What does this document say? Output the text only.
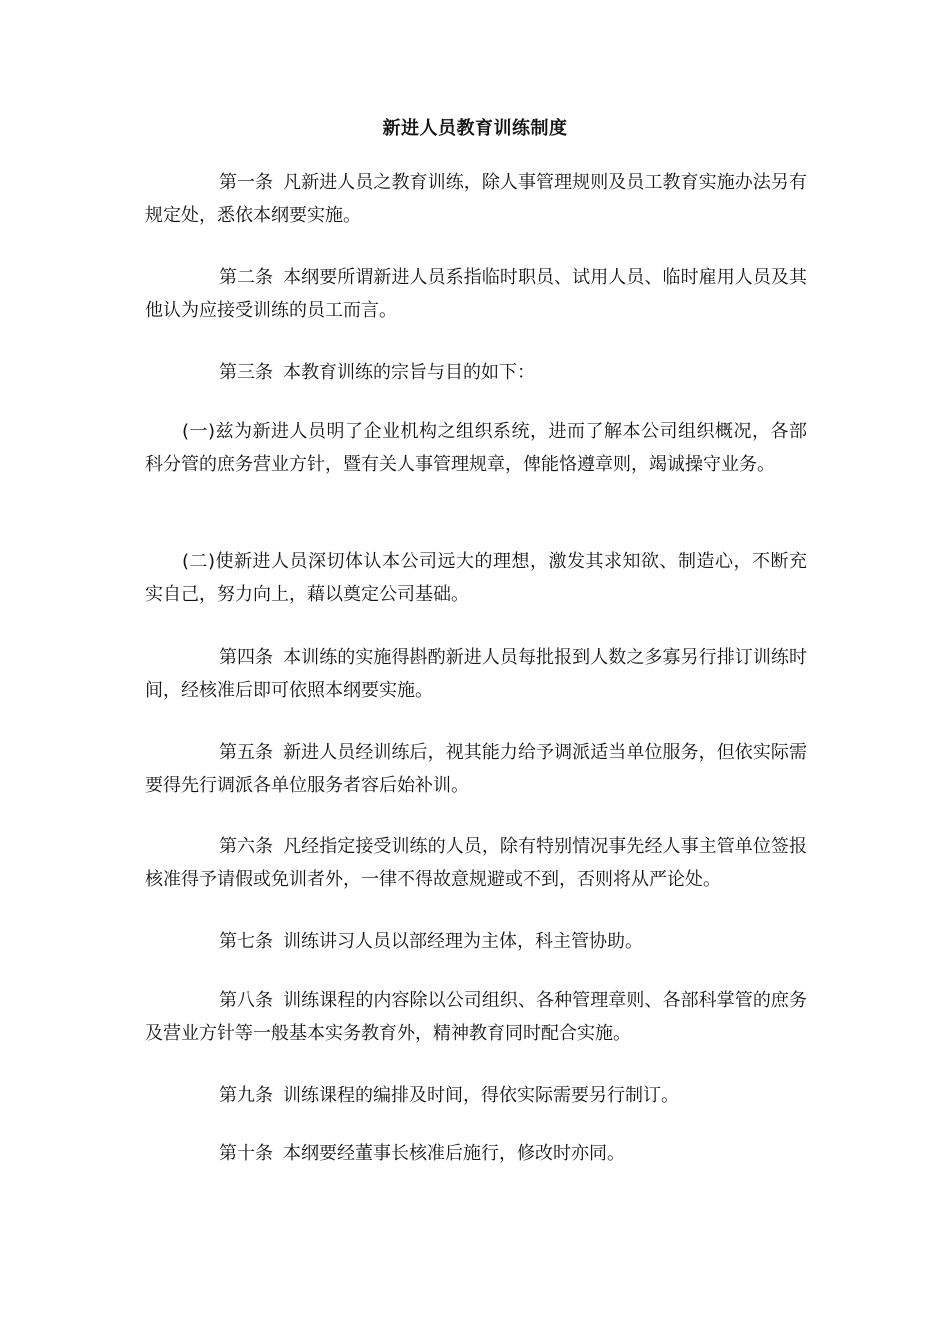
新进人员教育训练制度

第一条 凡新进人员之教育训练，除人事管理规则及员工教育实施办法另有规定处，悉依本纲要实施。

第二条 本纲要所谓新进人员系指临时职员、试用人员、临时雇用人员及其他认为应接受训练的员工而言。

第三条 本教育训练的宗旨与目的如下：

(一)兹为新进人员明了企业机构之组织系统，进而了解本公司组织概况，各部科分管的庶务营业方针，暨有关人事管理规章，俾能恪遵章则，竭诚操守业务。

(二)使新进人员深切体认本公司远大的理想，激发其求知欲、制造心，不断充实自己，努力向上，藉以奠定公司基础。

第四条 本训练的实施得斟酌新进人员每批报到人数之多寡另行排订训练时间，经核准后即可依照本纲要实施。

第五条 新进人员经训练后，视其能力给予调派适当单位服务，但依实际需要得先行调派各单位服务者容后始补训。

第六条 凡经指定接受训练的人员，除有特别情况事先经人事主管单位签报核准得予请假或免训者外，一律不得故意规避或不到，否则将从严论处。

第七条 训练讲习人员以部经理为主体，科主管协助。

第八条 训练课程的内容除以公司组织、各种管理章则、各部科掌管的庶务及营业方针等一般基本实务教育外，精神教育同时配合实施。

第九条 训练课程的编排及时间，得依实际需要另行制订。

第十条 本纲要经董事长核准后施行，修改时亦同。
